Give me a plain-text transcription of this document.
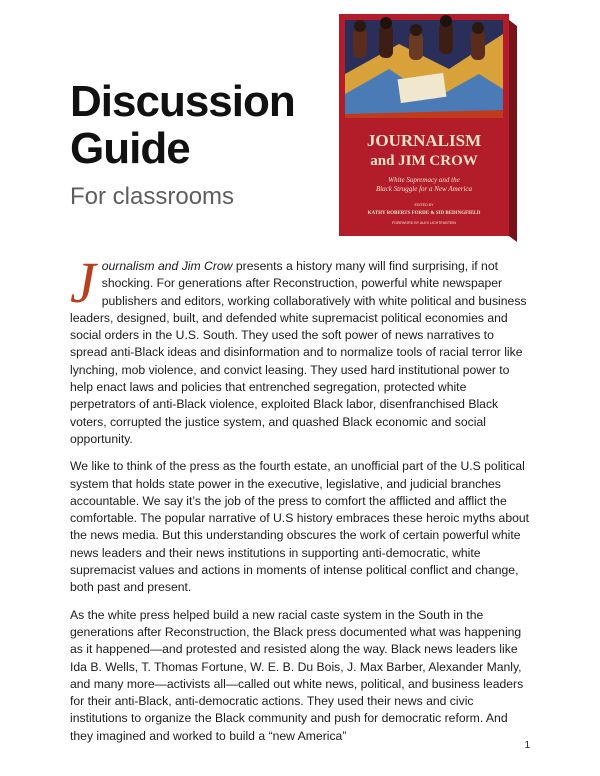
Discussion
Guide
For classrooms
JOURNALISM
and JIM CROW
White Supremacy and the
Black Struggle for a New America
EDITED BY
KATHY ROBERTS FORDE & SID BEDINGFIELD
FOREWORD BY ALEX LICHTENSTEIN

Journalism and Jim Crow presents a history many will find surprising, if not shocking. For generations after Reconstruction, powerful white newspaper publishers and editors, working collaboratively with white political and business leaders, designed, built, and defended white supremacist political economies and social orders in the U.S. South. They used the soft power of news narratives to spread anti-Black ideas and disinformation and to normalize tools of racial terror like lynching, mob violence, and convict leasing. They used hard institutional power to help enact laws and policies that entrenched segregation, protected white perpetrators of anti-Black violence, exploited Black labor, disenfranchised Black voters, corrupted the justice system, and quashed Black economic and social opportunity.

We like to think of the press as the fourth estate, an unofficial part of the U.S political system that holds state power in the executive, legislative, and judicial branches accountable. We say it’s the job of the press to comfort the afflicted and afflict the comfortable. The popular narrative of U.S history embraces these heroic myths about the news media. But this understanding obscures the work of certain powerful white news leaders and their news institutions in supporting anti-democratic, white supremacist values and actions in moments of intense political conflict and change, both past and present.

As the white press helped build a new racial caste system in the South in the generations after Reconstruction, the Black press documented what was happening as it happened—and protested and resisted along the way. Black news leaders like Ida B. Wells, T. Thomas Fortune, W. E. B. Du Bois, J. Max Barber, Alexander Manly, and many more—activists all—called out white news, political, and business leaders for their anti-Black, anti-democratic actions. They used their news and civic institutions to organize the Black community and push for democratic reform. And they imagined and worked to build a “new America”

1
